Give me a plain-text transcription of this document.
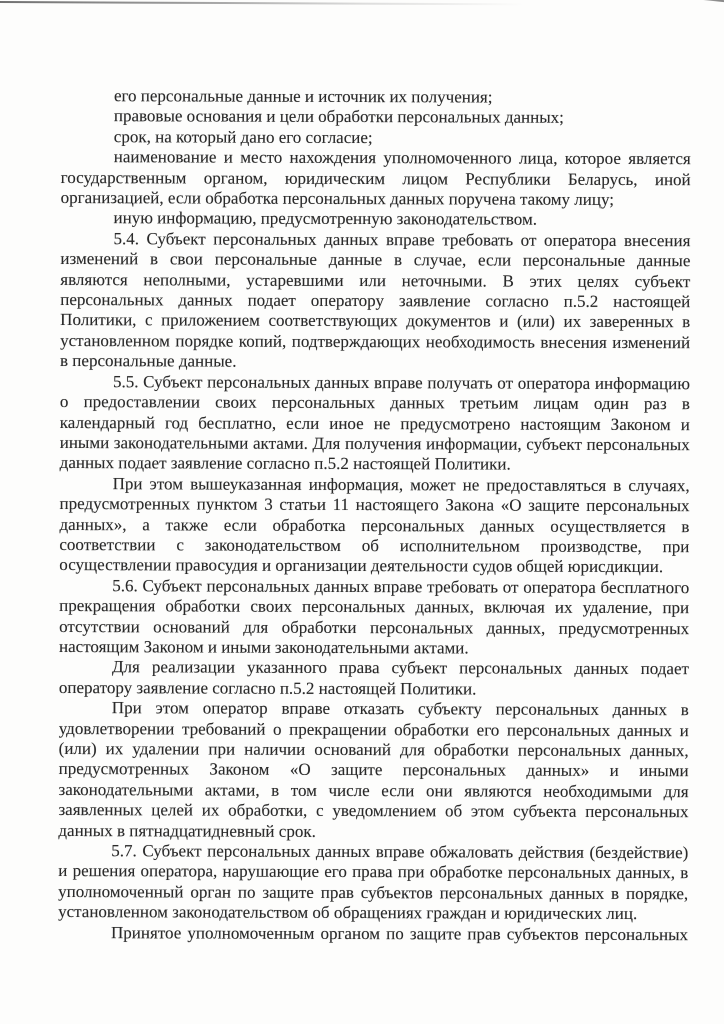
его персональные данные и источник их получения;

правовые основания и цели обработки персональных данных;

срок, на который дано его согласие;

наименование и место нахождения уполномоченного лица, которое является государственным органом, юридическим лицом Республики Беларусь, иной организацией, если обработка персональных данных поручена такому лицу;

иную информацию, предусмотренную законодательством.

5.4. Субъект персональных данных вправе требовать от оператора внесения изменений в свои персональные данные в случае, если персональные данные являются неполными, устаревшими или неточными. В этих целях субъект персональных данных подает оператору заявление согласно п.5.2 настоящей Политики, с приложением соответствующих документов и (или) их заверенных в установленном порядке копий, подтверждающих необходимость внесения изменений в персональные данные.

5.5. Субъект персональных данных вправе получать от оператора информацию о предоставлении своих персональных данных третьим лицам один раз в календарный год бесплатно, если иное не предусмотрено настоящим Законом и иными законодательными актами. Для получения информации, субъект персональных данных подает заявление согласно п.5.2 настоящей Политики.

При этом вышеуказанная информация, может не предоставляться в случаях, предусмотренных пунктом 3 статьи 11 настоящего Закона «О защите персональных данных», а также если обработка персональных данных осуществляется в соответствии с законодательством об исполнительном производстве, при осуществлении правосудия и организации деятельности судов общей юрисдикции.

5.6. Субъект персональных данных вправе требовать от оператора бесплатного прекращения обработки своих персональных данных, включая их удаление, при отсутствии оснований для обработки персональных данных, предусмотренных настоящим Законом и иными законодательными актами.

Для реализации указанного права субъект персональных данных подает оператору заявление согласно п.5.2 настоящей Политики.

При этом оператор вправе отказать субъекту персональных данных в удовлетворении требований о прекращении обработки его персональных данных и (или) их удалении при наличии оснований для обработки персональных данных, предусмотренных Законом «О защите персональных данных» и иными законодательными актами, в том числе если они являются необходимыми для заявленных целей их обработки, с уведомлением об этом субъекта персональных данных в пятнадцатидневный срок.

5.7. Субъект персональных данных вправе обжаловать действия (бездействие) и решения оператора, нарушающие его права при обработке персональных данных, в уполномоченный орган по защите прав субъектов персональных данных в порядке, установленном законодательством об обращениях граждан и юридических лиц.

Принятое уполномоченным органом по защите прав субъектов персональных
